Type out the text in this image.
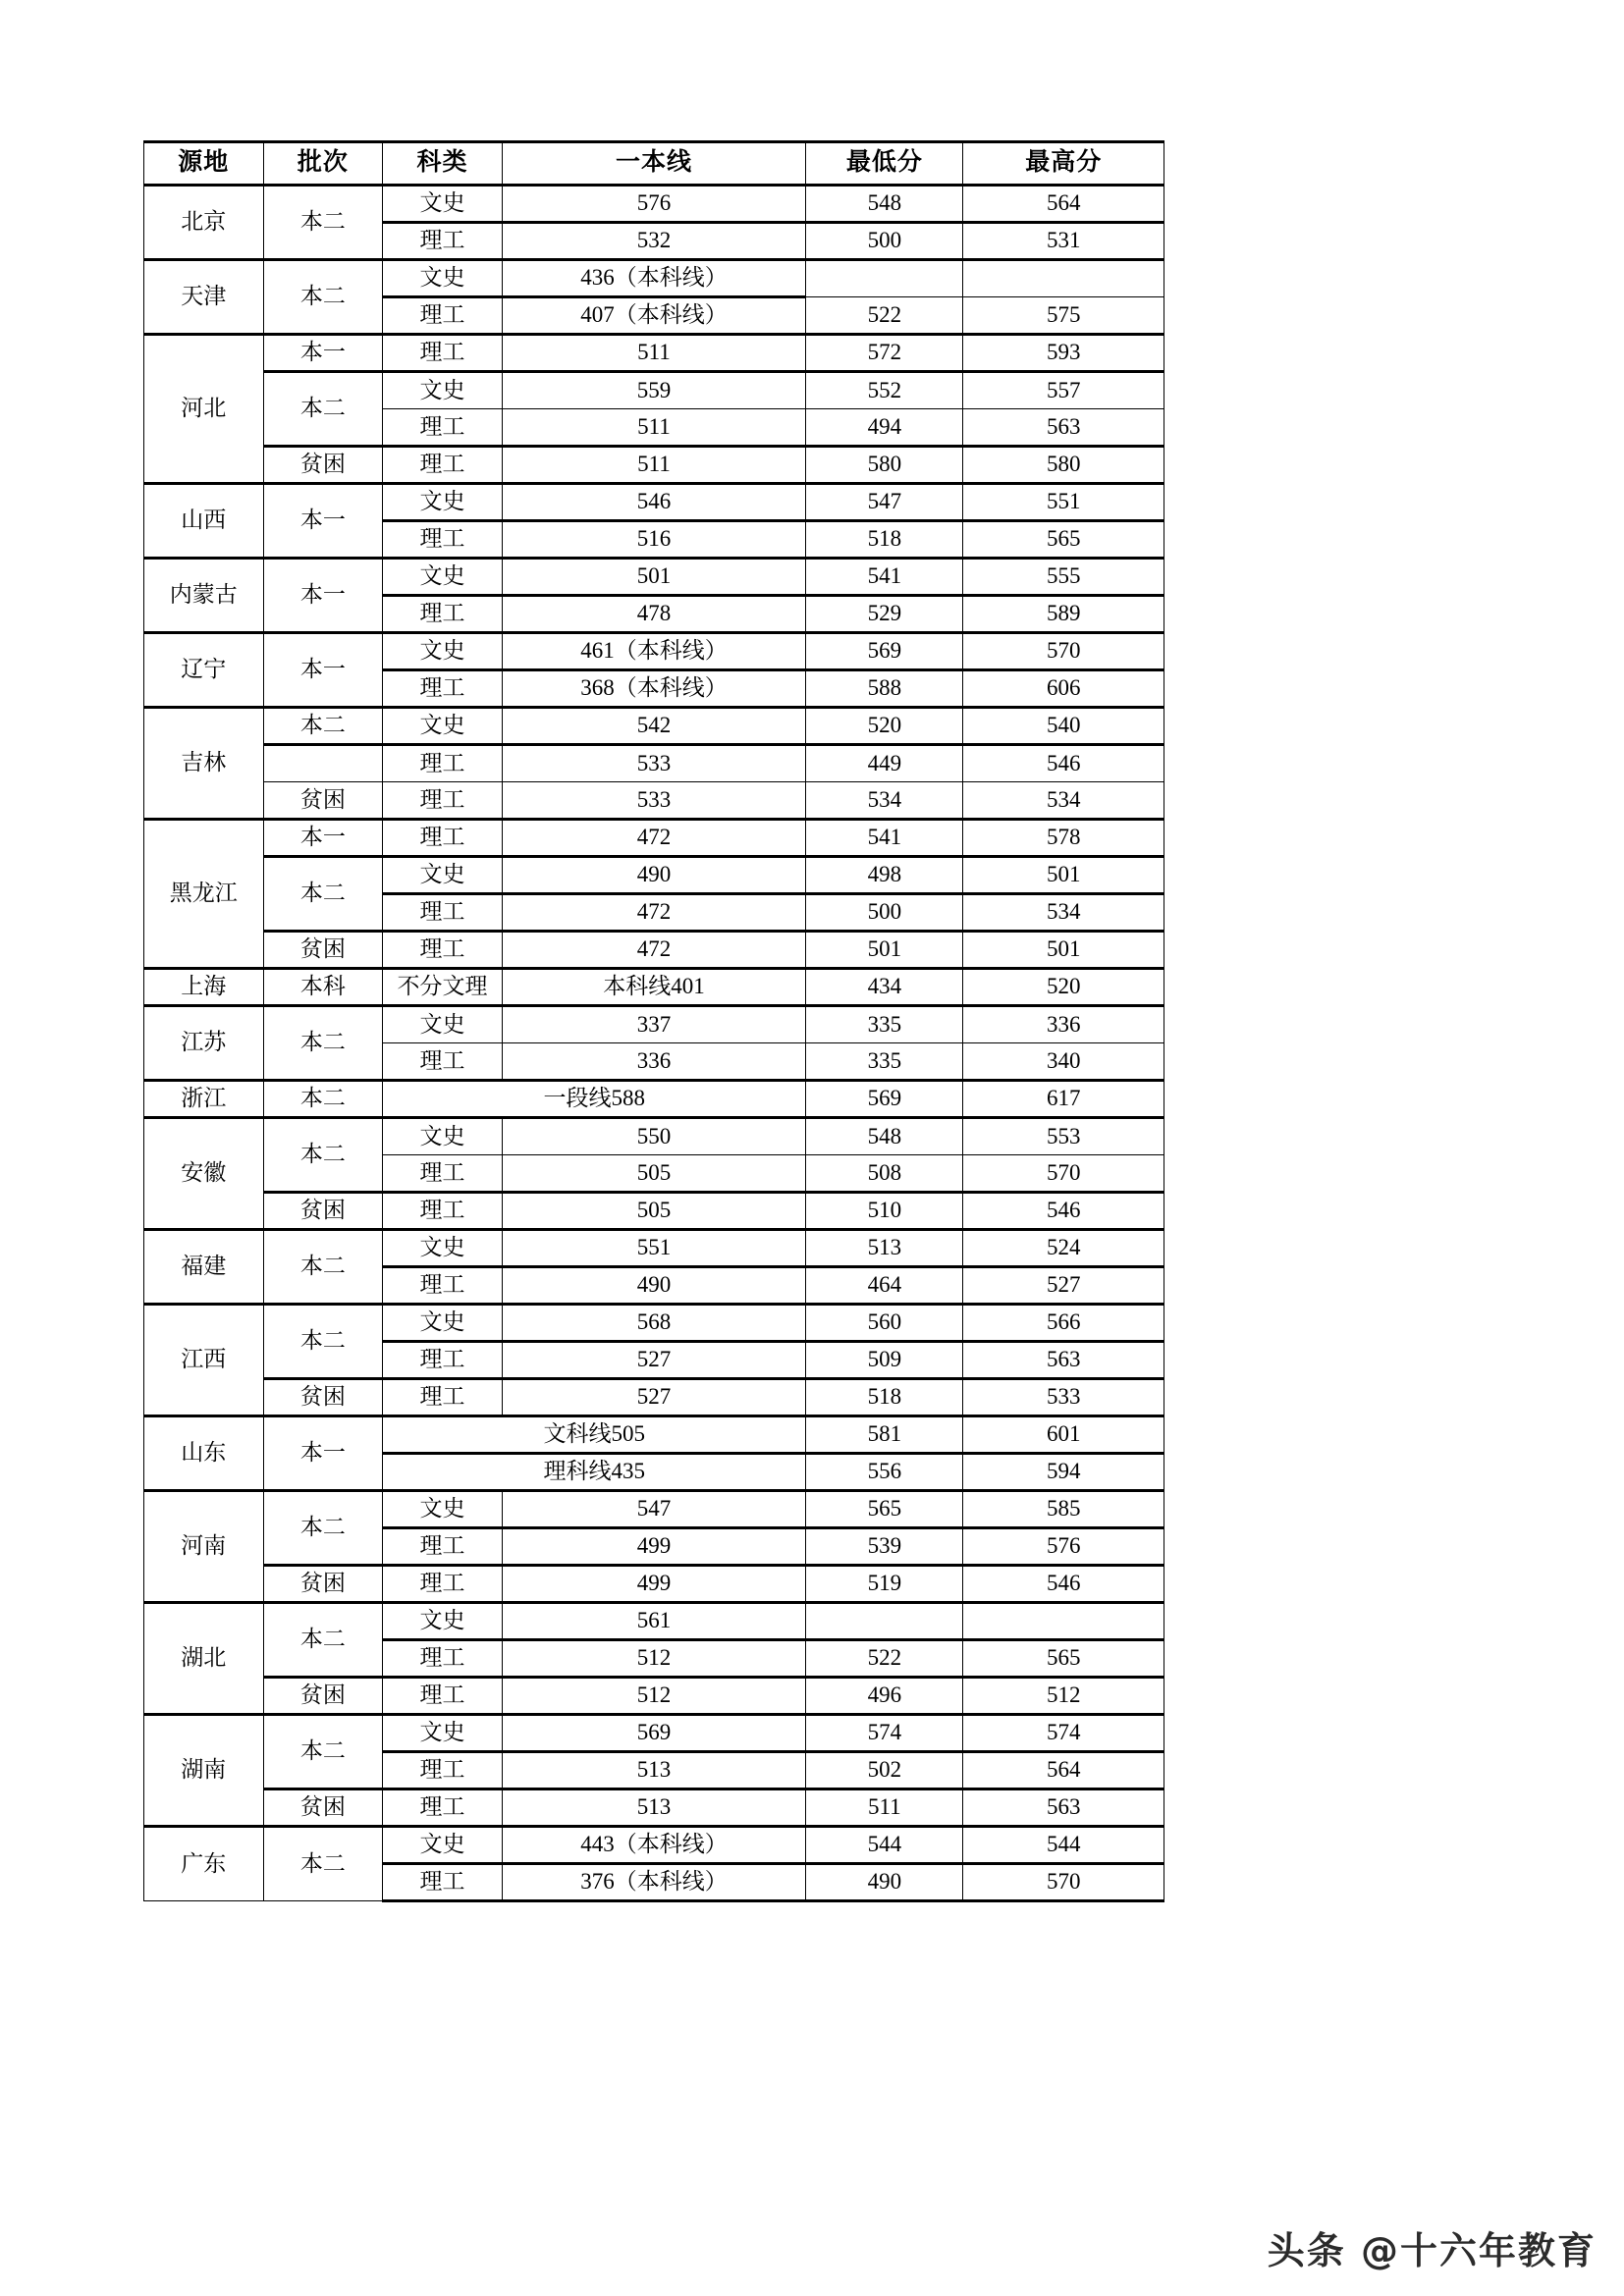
源地	批次	科类	一本线	最低分	最高分
北京	本二	文史	576	548	564
		理工	532	500	531
天津	本二	文史	436（本科线）		
		理工	407（本科线）	522	575
河北	本一	理工	511	572	593
	本二	文史	559	552	557
		理工	511	494	563
	贫困	理工	511	580	580
山西	本一	文史	546	547	551
		理工	516	518	565
内蒙古	本一	文史	501	541	555
		理工	478	529	589
辽宁	本一	文史	461（本科线）	569	570
		理工	368（本科线）	588	606
吉林	本二	文史	542	520	540
		理工	533	449	546
	贫困	理工	533	534	534
黑龙江	本一	理工	472	541	578
	本二	文史	490	498	501
		理工	472	500	534
	贫困	理工	472	501	501
上海	本科	不分文理	本科线401	434	520
江苏	本二	文史	337	335	336
		理工	336	335	340
浙江	本二	一段线588		569	617
安徽	本二	文史	550	548	553
		理工	505	508	570
	贫困	理工	505	510	546
福建	本二	文史	551	513	524
		理工	490	464	527
江西	本二	文史	568	560	566
		理工	527	509	563
	贫困	理工	527	518	533
山东	本一	文科线505		581	601
		理科线435		556	594
河南	本二	文史	547	565	585
		理工	499	539	576
	贫困	理工	499	519	546
湖北	本二	文史	561		
		理工	512	522	565
	贫困	理工	512	496	512
湖南	本二	文史	569	574	574
		理工	513	502	564
	贫困	理工	513	511	563
广东	本二	文史	443（本科线）	544	544
		理工	376（本科线）	490	570
头条 @十六年教育
